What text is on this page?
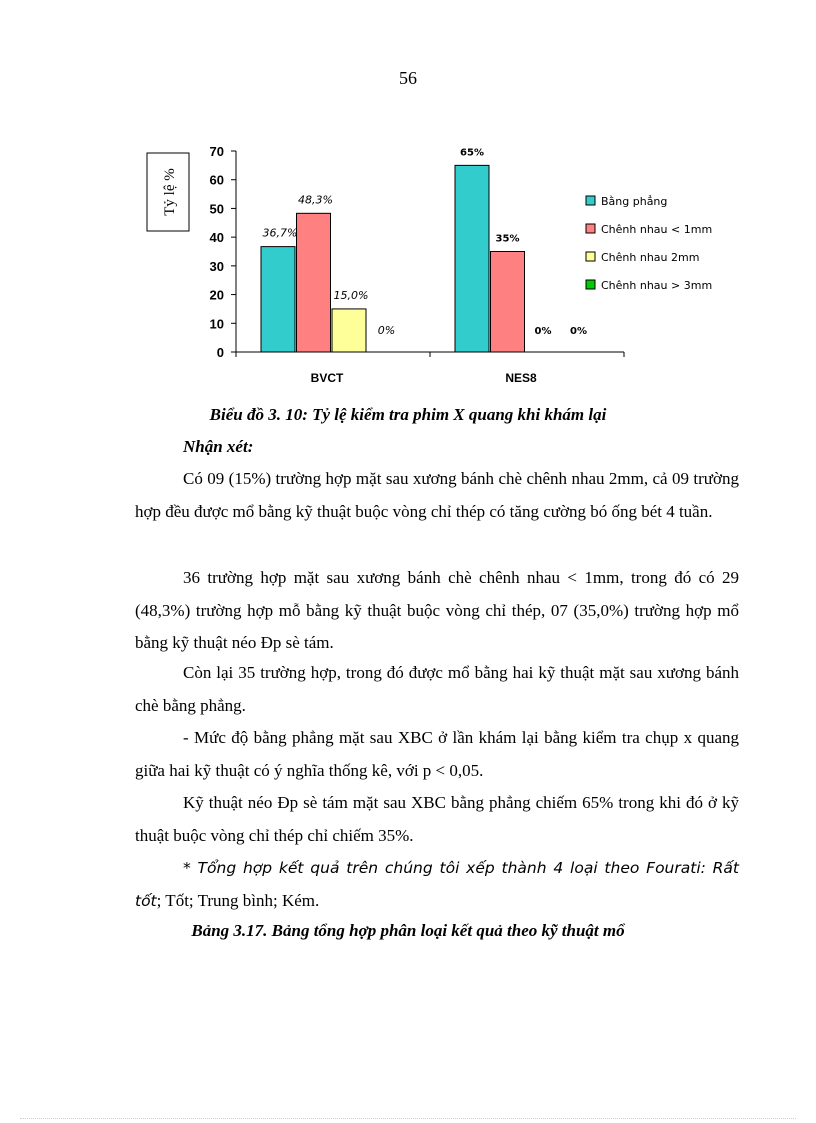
56
Tỷ lệ %
0
10
20
30
40
50
60
70
36,7%
48,3%
15,0%
0%
65%
35%
0% 0%
BVCT	NES8
Bằng phẳng
Chênh nhau < 1mm
Chênh nhau 2mm
Chênh nhau > 3mm
Biểu đồ 3. 10: Tỷ lệ kiểm tra phim X quang khi khám lại
Nhận xét:

Có 09 (15%) trường hợp mặt sau xương bánh chè chênh nhau 2mm, cả 09 trường hợp đều được mổ bằng kỹ thuật buộc vòng chỉ thép có tăng cường bó ống bét 4 tuần.

36 trường hợp mặt sau xương bánh chè chênh nhau < 1mm, trong đó có 29 (48,3%) trường hợp mỗ bằng kỹ thuật buộc vòng chỉ thép, 07 (35,0%) trường hợp mổ bằng kỹ thuật néo Đp sè tám.

Còn lại 35 trường hợp, trong đó được mổ bằng hai kỹ thuật mặt sau xương bánh chè bằng phẳng.

- Mức độ bằng phẳng mặt sau XBC ở lần khám lại bằng kiểm tra chụp x quang giữa hai kỹ thuật có ý nghĩa thống kê, với p < 0,05.

Kỹ thuật néo Đp sè tám mặt sau XBC bằng phẳng chiếm 65% trong khi đó ở kỹ thuật buộc vòng chỉ thép chỉ chiếm 35%.

* Tổng hợp kết quả trên chúng tôi xếp thành 4 loại theo Fourati: Rất tốt; Tốt; Trung bình; Kém.

Bảng 3.17. Bảng tổng hợp phân loại kết quả theo kỹ thuật mổ
